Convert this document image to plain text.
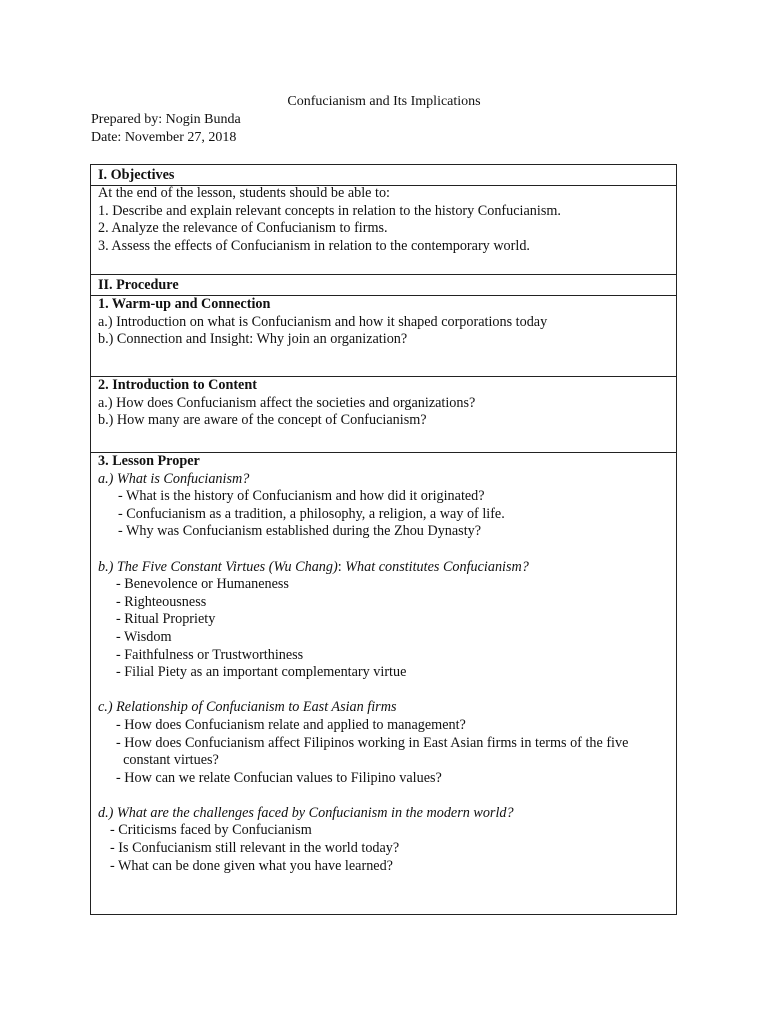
Confucianism and Its Implications
Prepared by: Nogin Bunda
Date: November 27, 2018
I. Objectives
At the end of the lesson, students should be able to:
1. Describe and explain relevant concepts in relation to the history Confucianism.
2. Analyze the relevance of Confucianism to firms.
3. Assess the effects of Confucianism in relation to the contemporary world.
II. Procedure
1. Warm-up and Connection
a.) Introduction on what is Confucianism and how it shaped corporations today
b.) Connection and Insight: Why join an organization?
2. Introduction to Content
a.) How does Confucianism affect the societies and organizations?
b.) How many are aware of the concept of Confucianism?
3. Lesson Proper
a.) What is Confucianism?
- What is the history of Confucianism and how did it originated?
- Confucianism as a tradition, a philosophy, a religion, a way of life.
- Why was Confucianism established during the Zhou Dynasty?
b.) The Five Constant Virtues (Wu Chang): What constitutes Confucianism?
- Benevolence or Humaneness
- Righteousness
- Ritual Propriety
- Wisdom
- Faithfulness or Trustworthiness
- Filial Piety as an important complementary virtue
c.) Relationship of Confucianism to East Asian firms
- How does Confucianism relate and applied to management?
- How does Confucianism affect Filipinos working in East Asian firms in terms of the five
constant virtues?
- How can we relate Confucian values to Filipino values?
d.) What are the challenges faced by Confucianism in the modern world?
- Criticisms faced by Confucianism
- Is Confucianism still relevant in the world today?
- What can be done given what you have learned?
